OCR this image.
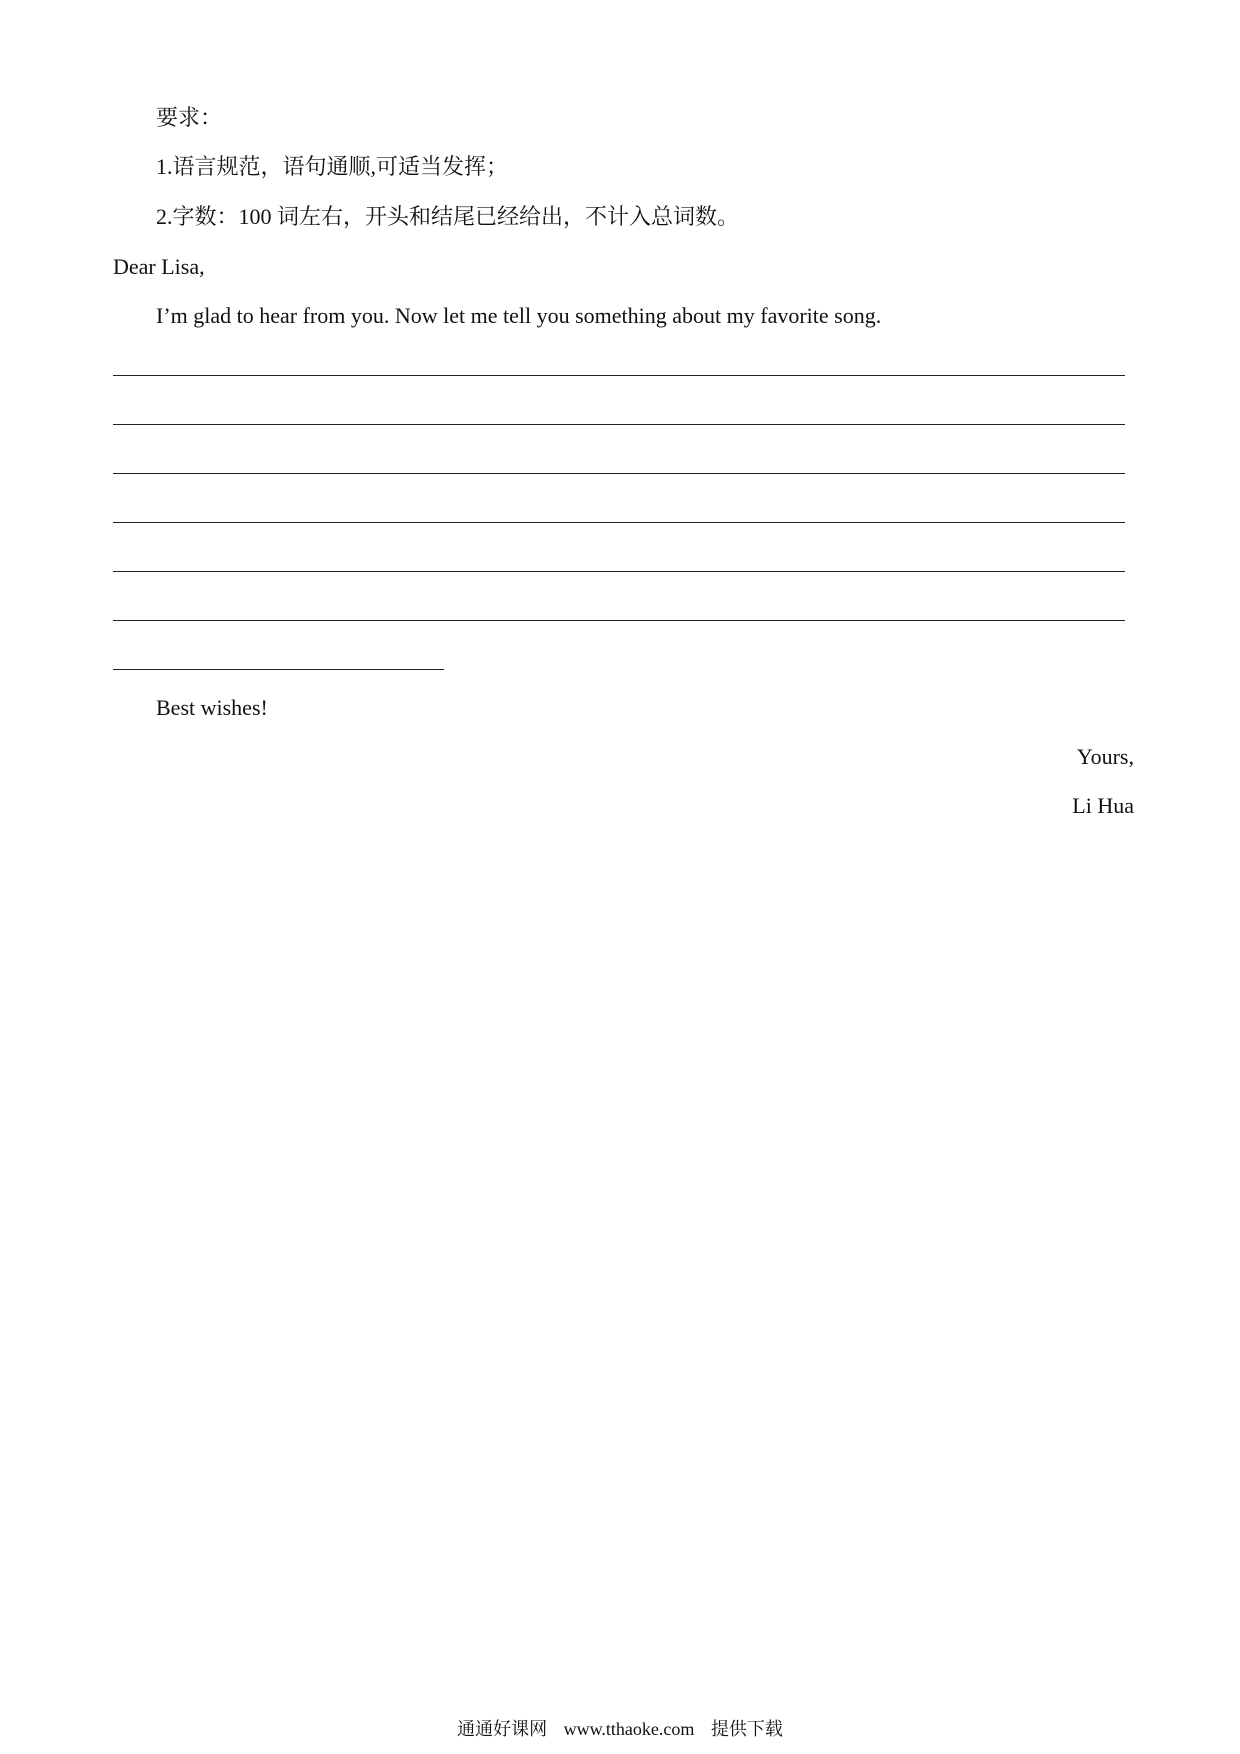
要求：
1.语言规范，语句通顺,可适当发挥；
2.字数：100 词左右，开头和结尾已经给出，不计入总词数。
Dear Lisa,
I’m glad to hear from you. Now let me tell you something about my favorite song.
Best wishes!
Yours,
Li Hua
通通好课网 www.tthaoke.com 提供下载
